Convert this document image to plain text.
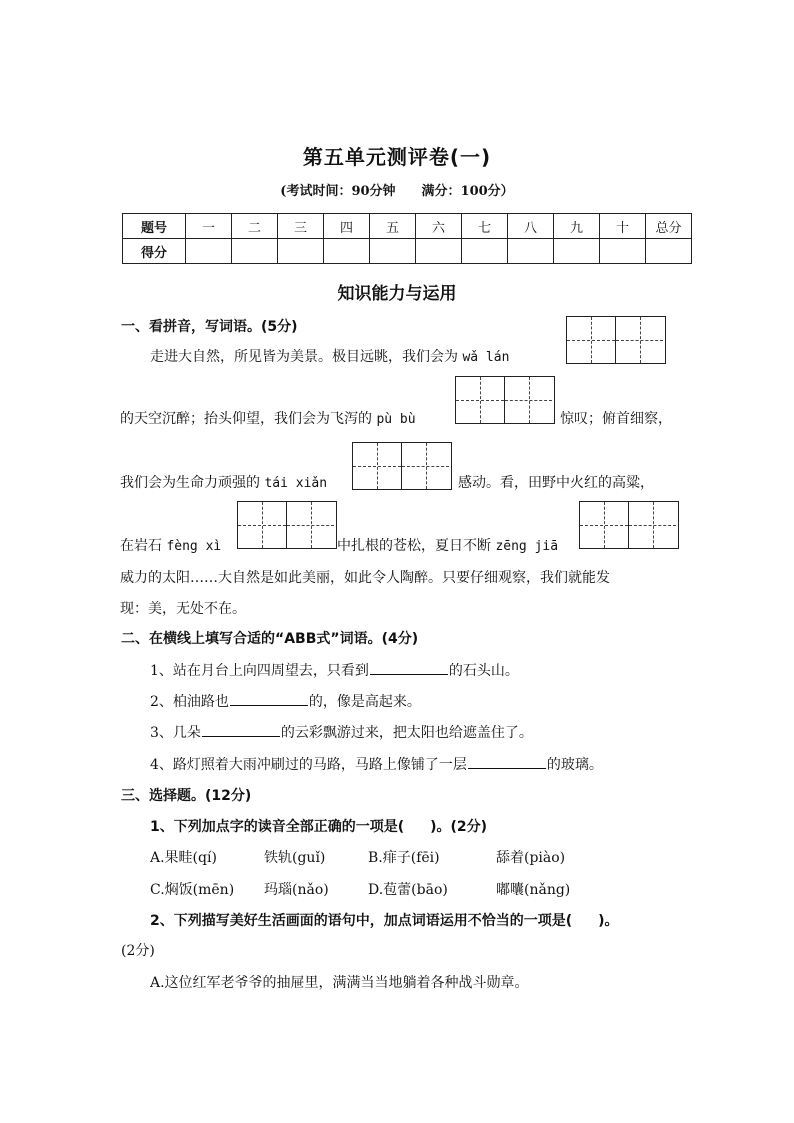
第五单元测评卷(一)
(考试时间：90分钟 满分：100分）
题号	一	二	三	四	五	六	七	八	九	十	总分
得分											
知识能力与运用
一、看拼音，写词语。(5分)
走进大自然，所见皆为美景。极目远眺，我们会为 wǎ lán
的天空沉醉；抬头仰望，我们会为飞泻的 pù bù	惊叹；俯首细察，
我们会为生命力顽强的 tái xiǎn	感动。看，田野中火红的高粱，
在岩石 fèng xì	中扎根的苍松，夏日不断 zēng jiā
威力的太阳……大自然是如此美丽，如此令人陶醉。只要仔细观察，我们就能发
现：美，无处不在。
二、在横线上填写合适的“ABB式”词语。(4分)
1、站在月台上向四周望去，只看到	的石头山。
2、柏油路也	的，像是高起来。
3、几朵	的云彩飘游过来，把太阳也给遮盖住了。
4、路灯照着大雨冲刷过的马路，马路上像铺了一层	的玻璃。
三、选择题。(12分)
1、下列加点字的读音全部正确的一项是( )。(2分)
A.果畦(qí)	铁轨(guǐ)	B.痱子(fēi)	舔着(piào)
C.焖饭(mēn) 玛瑙(nǎo)	D.苞蕾(bāo)	嘟囔(nǎng)
2、下列描写美好生活画面的语句中，加点词语运用不恰当的一项是( )。
(2分)
A.这位红军老爷爷的抽屉里，满满当当地躺着各种战斗勋章。
